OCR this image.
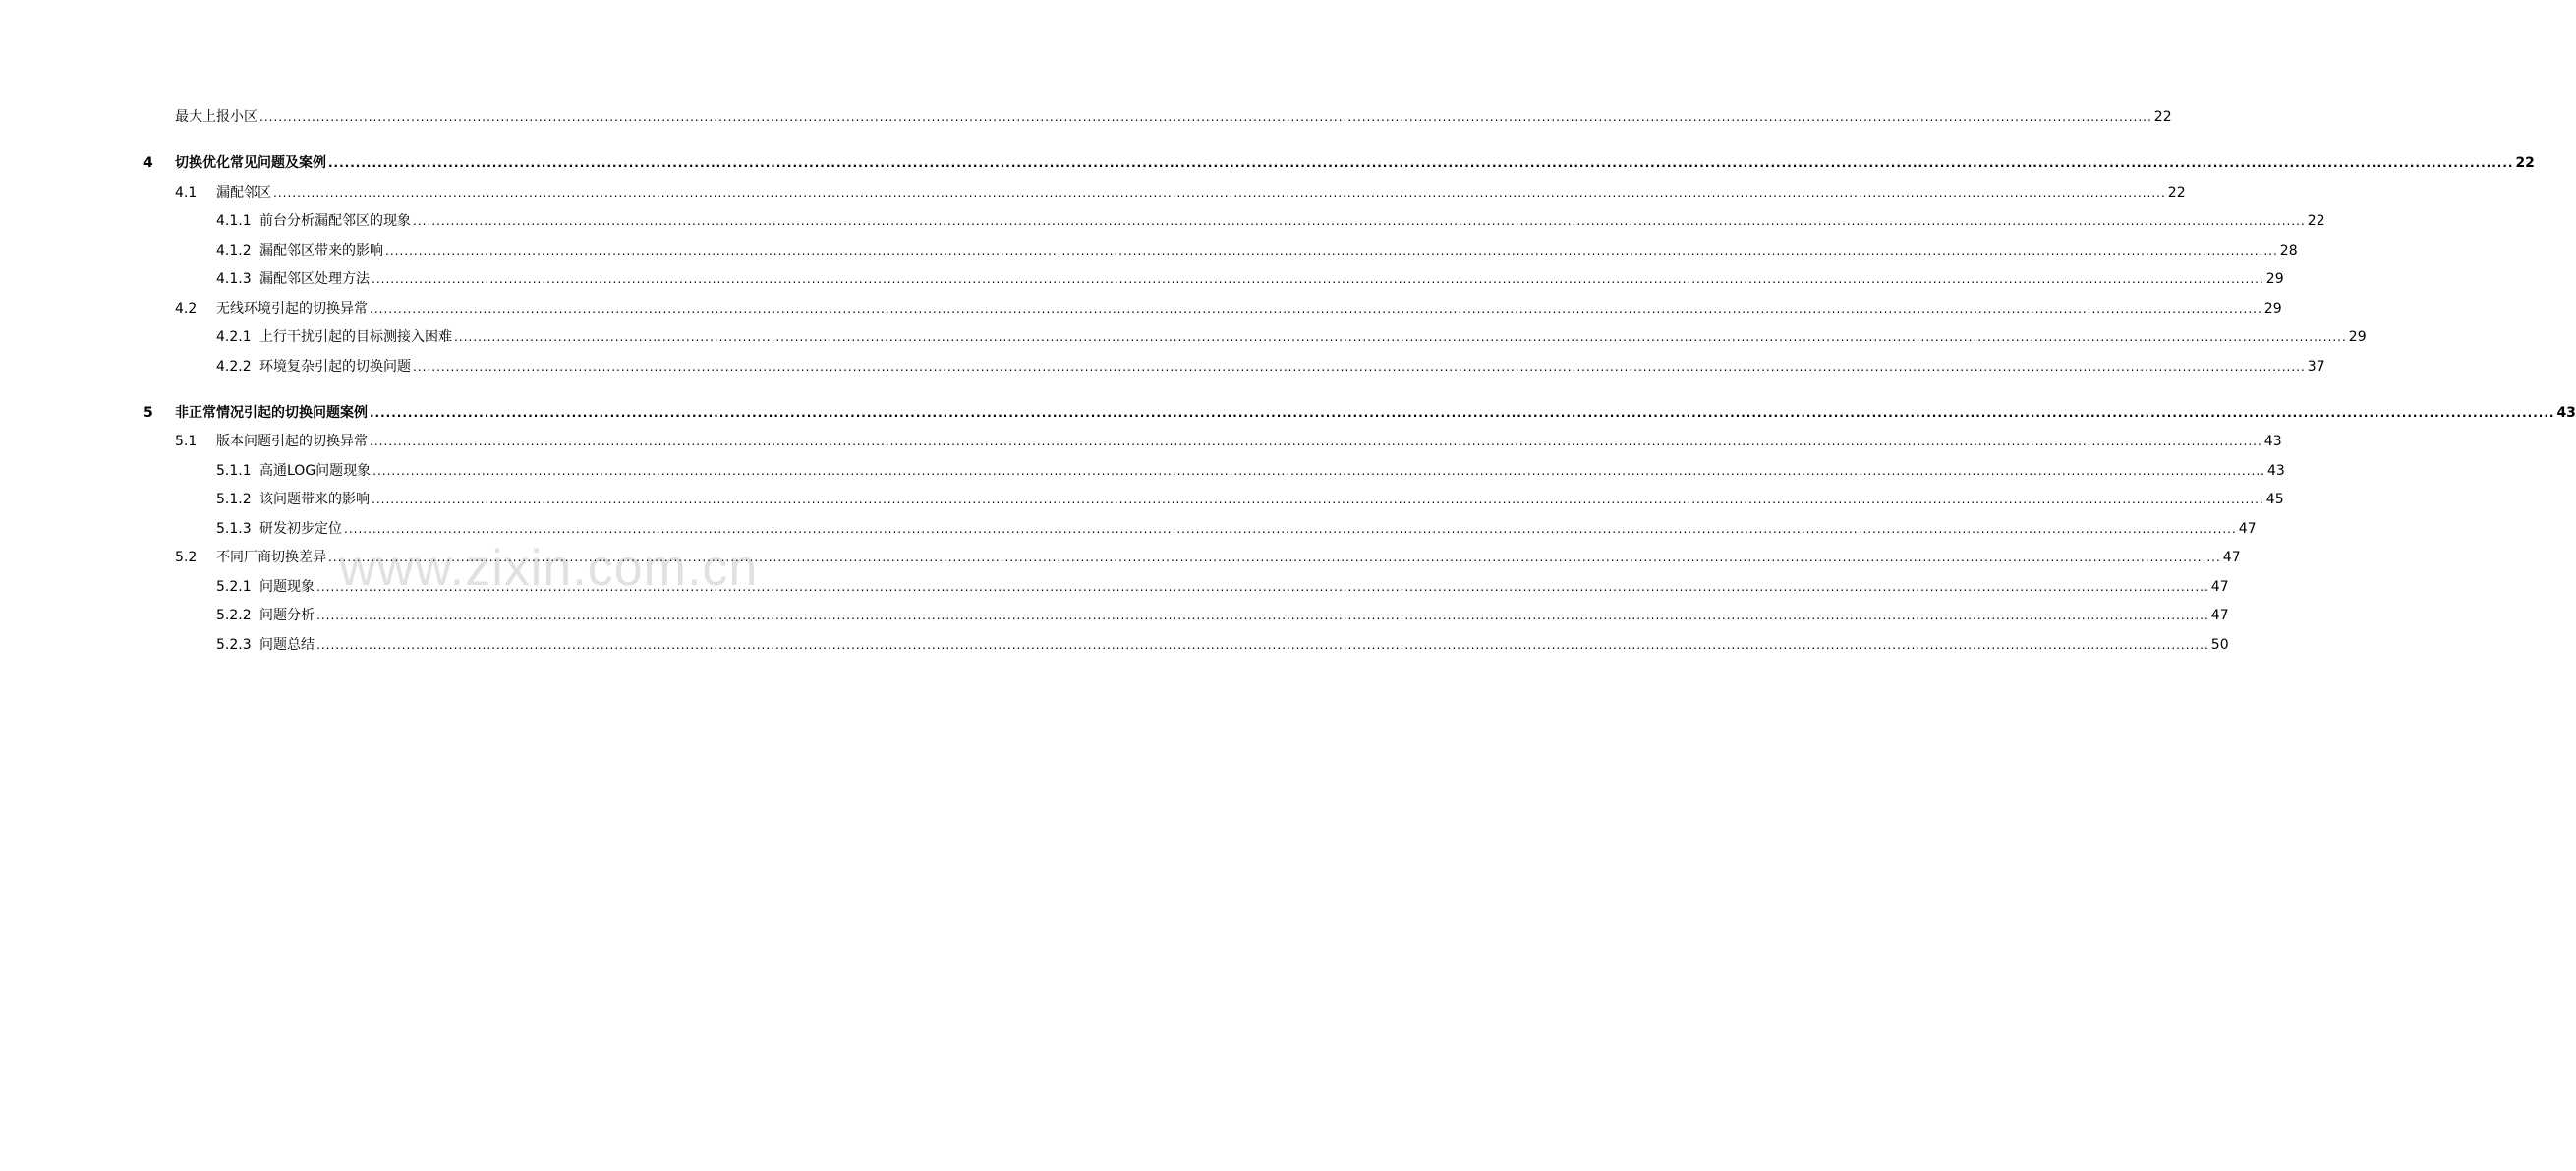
最大上报小区 ................................................................................................................................................................................................................................................................................................................................................................................................................ 22
4 切换优化常见问题及案例 ................................................................................................................................................................................................................................................................................................................................................................................................................ 22
4.1 漏配邻区 ................................................................................................................................................................................................................................................................................................................................................................................................................ 22
4.1.1 前台分析漏配邻区的现象 ................................................................................................................................................................................................................................................................................................................................................................................................................ 22
4.1.2 漏配邻区带来的影响 ................................................................................................................................................................................................................................................................................................................................................................................................................ 28
4.1.3 漏配邻区处理方法 ................................................................................................................................................................................................................................................................................................................................................................................................................ 29
4.2 无线环境引起的切换异常 ................................................................................................................................................................................................................................................................................................................................................................................................................ 29
4.2.1 上行干扰引起的目标测接入困难 ................................................................................................................................................................................................................................................................................................................................................................................................................ 29
4.2.2 环境复杂引起的切换问题 ................................................................................................................................................................................................................................................................................................................................................................................................................ 37
5 非正常情况引起的切换问题案例 ................................................................................................................................................................................................................................................................................................................................................................................................................ 43
5.1 版本问题引起的切换异常 ................................................................................................................................................................................................................................................................................................................................................................................................................ 43
5.1.1 高通LOG问题现象 ................................................................................................................................................................................................................................................................................................................................................................................................................ 43
5.1.2 该问题带来的影响 ................................................................................................................................................................................................................................................................................................................................................................................................................ 45
5.1.3 研发初步定位 ................................................................................................................................................................................................................................................................................................................................................................................................................ 47
5.2 不同厂商切换差异 ................................................................................................................................................................................................................................................................................................................................................................................................................ 47
5.2.1 问题现象 ................................................................................................................................................................................................................................................................................................................................................................................................................ 47
5.2.2 问题分析 ................................................................................................................................................................................................................................................................................................................................................................................................................ 47
5.2.3 问题总结 ................................................................................................................................................................................................................................................................................................................................................................................................................ 50
www.zixin.com.cn
